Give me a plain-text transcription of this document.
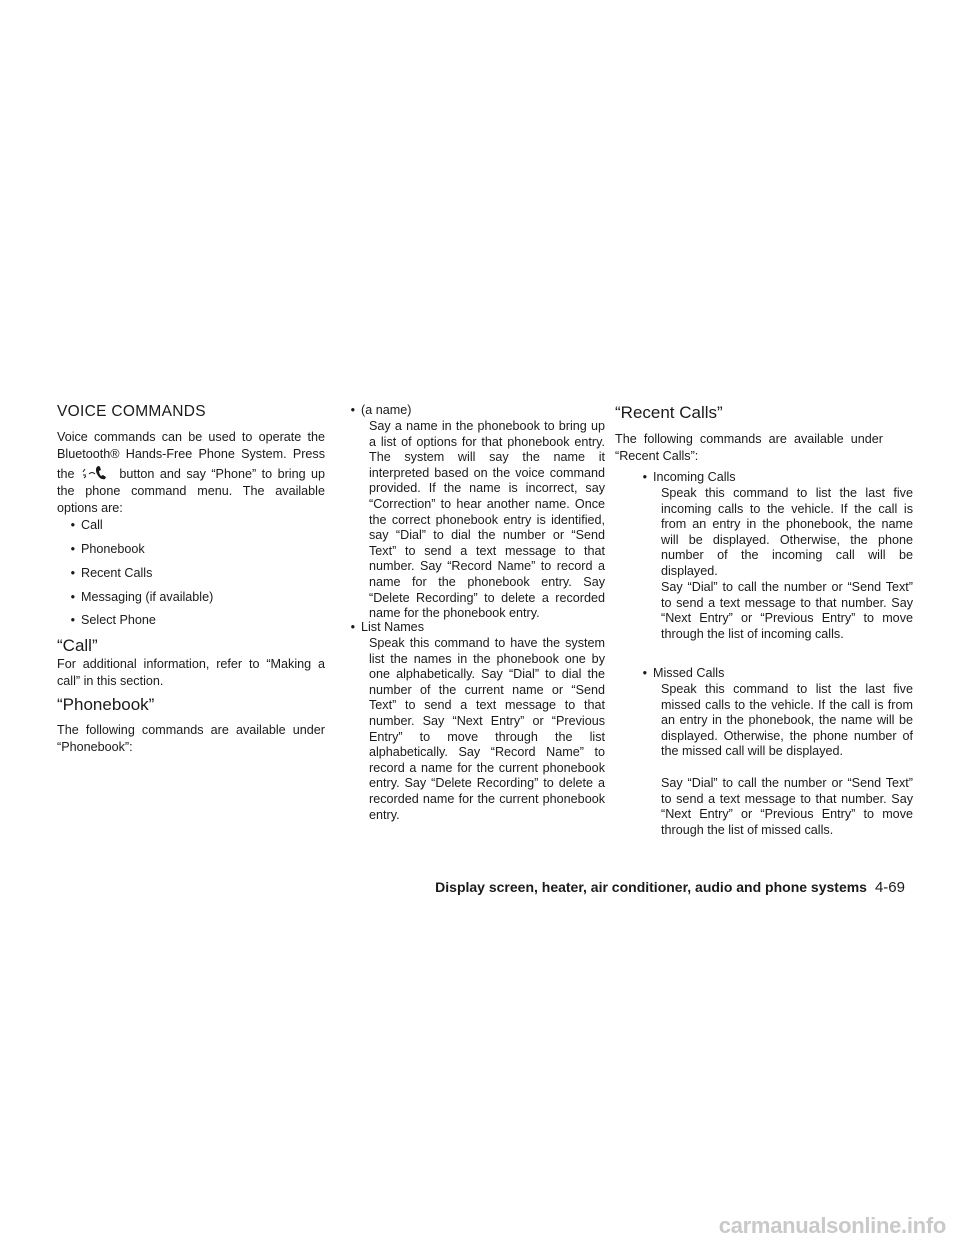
VOICE COMMANDS

Voice commands can be used to operate the Bluetooth® Hands-Free Phone System. Press the	button and say “Phone” to bring up the phone command menu. The available options are:

• Call
• Phonebook
• Recent Calls
• Messaging (if available)
• Select Phone
“Call”

For additional information, refer to “Making a call” in this section.

“Phonebook”

The following commands are available under “Phonebook”:

• (a name)

Say a name in the phonebook to bring up a list of options for that phonebook entry. The system will say the name it interpreted based on the voice command provided. If the name is incorrect, say “Correction” to hear another name. Once the correct phonebook entry is identified, say “Dial” to dial the number or “Send Text” to send a text message to that number. Say “Record Name” to record a name for the phonebook entry. Say “Delete Recording” to delete a recorded name for the phonebook entry.

• List Names

Speak this command to have the system list the names in the phonebook one by one alphabetically. Say “Dial” to dial the number of the current name or “Send Text” to send a text message to that number. Say “Next Entry” or “Previous Entry” to move through the list alphabetically. Say “Record Name” to record a name for the current phonebook entry. Say “Delete Recording” to delete a recorded name for the current phonebook entry.

“Recent Calls”

The following commands are available under “Recent Calls”:

• Incoming Calls

Speak this command to list the last five incoming calls to the vehicle. If the call is from an entry in the phonebook, the name will be displayed. Otherwise, the phone number of the incoming call will be displayed.

Say “Dial” to call the number or “Send Text” to send a text message to that number. Say “Next Entry” or “Previous Entry” to move through the list of incoming calls.

• Missed Calls

Speak this command to list the last five missed calls to the vehicle. If the call is from an entry in the phonebook, the name will be displayed. Otherwise, the phone number of the missed call will be displayed.

Say “Dial” to call the number or “Send Text” to send a text message to that number. Say “Next Entry” or “Previous Entry” to move through the list of missed calls.

Display screen, heater, air conditioner, audio and phone systems 4-69
carmanualsonline.info
